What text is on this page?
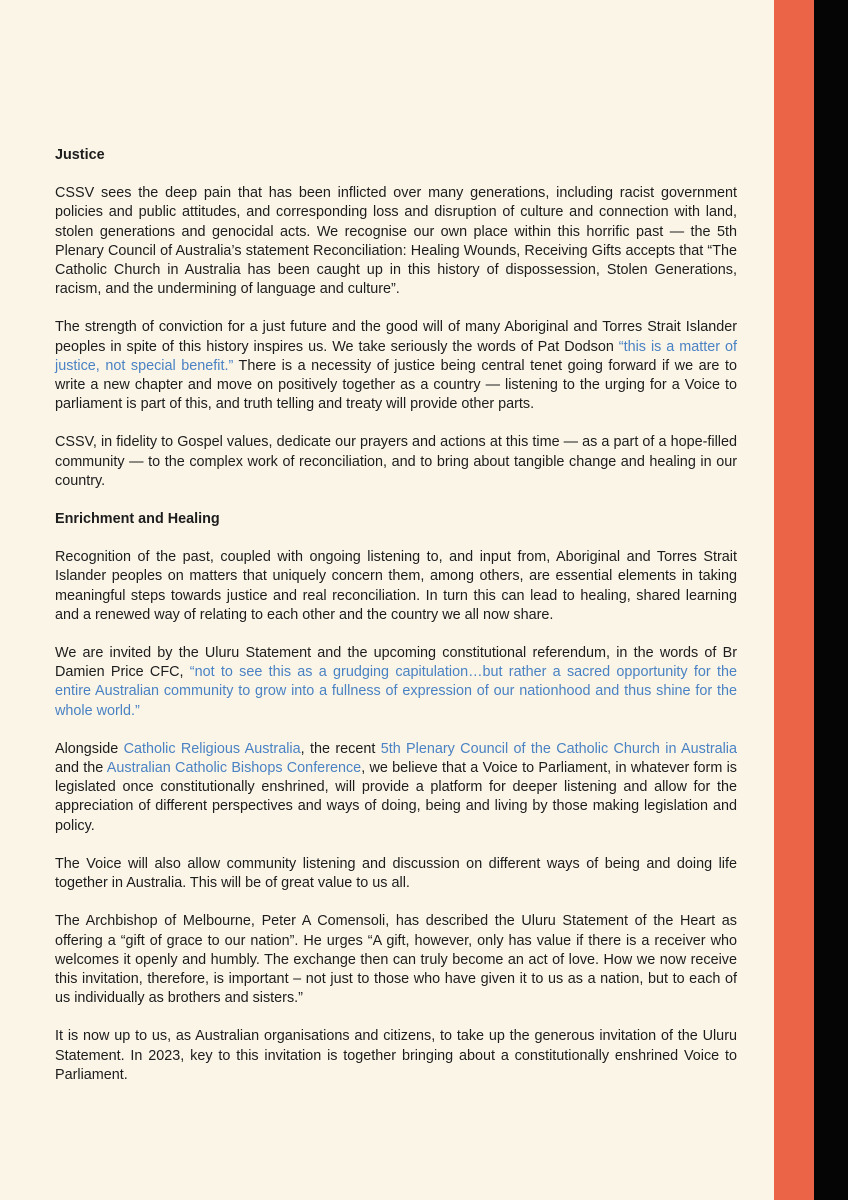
Justice

CSSV sees the deep pain that has been inflicted over many generations, including racist government policies and public attitudes, and corresponding loss and disruption of culture and connection with land, stolen generations and genocidal acts. We recognise our own place within this horrific past — the 5th Plenary Council of Australia’s statement Reconciliation: Healing Wounds, Receiving Gifts accepts that “The Catholic Church in Australia has been caught up in this history of dispossession, Stolen Generations, racism, and the undermining of language and culture”.

The strength of conviction for a just future and the good will of many Aboriginal and Torres Strait Islander peoples in spite of this history inspires us. We take seriously the words of Pat Dodson “this is a matter of justice, not special benefit.” There is a necessity of justice being central tenet going forward if we are to write a new chapter and move on positively together as a country — listening to the urging for a Voice to parliament is part of this, and truth telling and treaty will provide other parts.

CSSV, in fidelity to Gospel values, dedicate our prayers and actions at this time — as a part of a hope-filled community — to the complex work of reconciliation, and to bring about tangible change and healing in our country.

Enrichment and Healing

Recognition of the past, coupled with ongoing listening to, and input from, Aboriginal and Torres Strait Islander peoples on matters that uniquely concern them, among others, are essential elements in taking meaningful steps towards justice and real reconciliation. In turn this can lead to healing, shared learning and a renewed way of relating to each other and the country we all now share.

We are invited by the Uluru Statement and the upcoming constitutional referendum, in the words of Br Damien Price CFC, “not to see this as a grudging capitulation…but rather a sacred opportunity for the entire Australian community to grow into a fullness of expression of our nationhood and thus shine for the whole world.”

Alongside Catholic Religious Australia, the recent 5th Plenary Council of the Catholic Church in Australia and the Australian Catholic Bishops Conference, we believe that a Voice to Parliament, in whatever form is legislated once constitutionally enshrined, will provide a platform for deeper listening and allow for the appreciation of different perspectives and ways of doing, being and living by those making legislation and policy.

The Voice will also allow community listening and discussion on different ways of being and doing life together in Australia. This will be of great value to us all.

The Archbishop of Melbourne, Peter A Comensoli, has described the Uluru Statement of the Heart as offering a “gift of grace to our nation”. He urges “A gift, however, only has value if there is a receiver who welcomes it openly and humbly. The exchange then can truly become an act of love. How we now receive this invitation, therefore, is important – not just to those who have given it to us as a nation, but to each of us individually as brothers and sisters.”

It is now up to us, as Australian organisations and citizens, to take up the generous invitation of the Uluru Statement. In 2023, key to this invitation is together bringing about a constitutionally enshrined Voice to Parliament.
